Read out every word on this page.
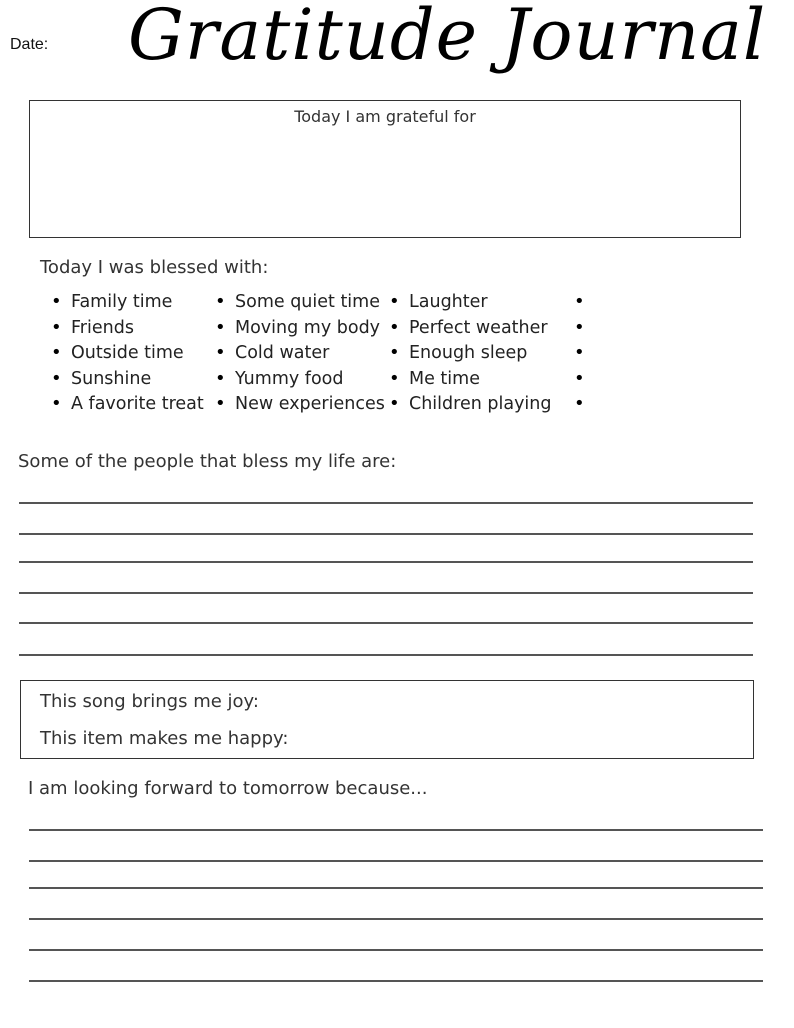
Date: Gratitude Journal
Today I am grateful for
Today I was blessed with:
• Family time
• Friends
• Outside time
• Sunshine
• A favorite treat
• Some quiet time
• Moving my body
• Cold water
• Yummy food
• New experiences
• Laughter
• Perfect weather
• Enough sleep
• Me time
• Children playing
•
•
•
•
•
Some of the people that bless my life are:
This song brings me joy:
This item makes me happy:
I am looking forward to tomorrow because...
